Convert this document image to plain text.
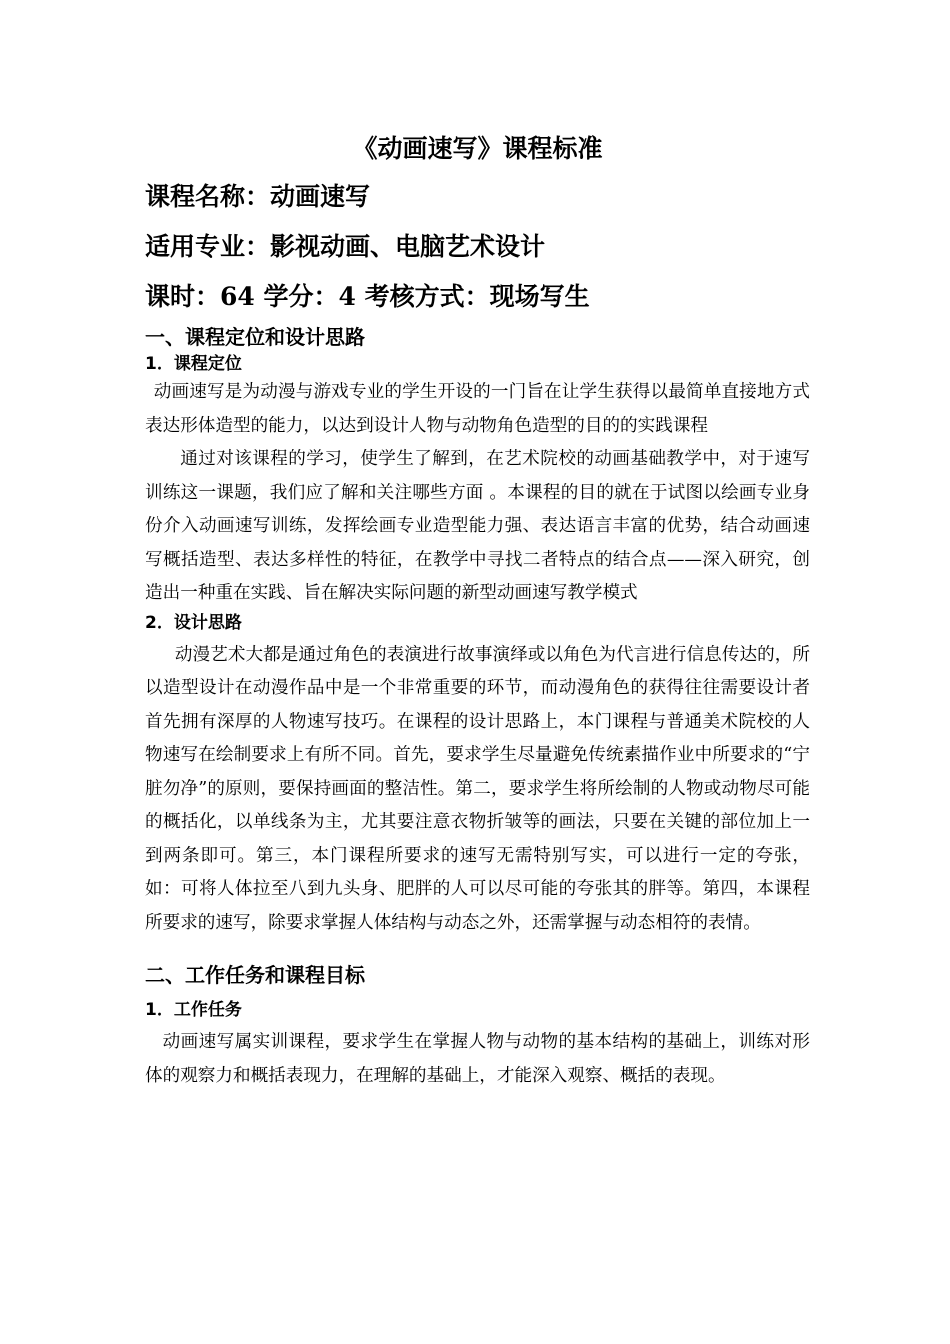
《动画速写》课程标准
课程名称：动画速写
适用专业：影视动画、电脑艺术设计
课时：64 学分：4 考核方式：现场写生
一、课程定位和设计思路
1．课程定位

动画速写是为动漫与游戏专业的学生开设的一门旨在让学生获得以最简单直接地方式表达形体造型的能力，以达到设计人物与动物角色造型的目的的实践课程

通过对该课程的学习，使学生了解到，在艺术院校的动画基础教学中，对于速写训练这一课题，我们应了解和关注哪些方面 。本课程的目的就在于试图以绘画专业身份介入动画速写训练，发挥绘画专业造型能力强、表达语言丰富的优势，结合动画速写概括造型、表达多样性的特征，在教学中寻找二者特点的结合点——深入研究，创造出一种重在实践、旨在解决实际问题的新型动画速写教学模式

2．设计思路

动漫艺术大都是通过角色的表演进行故事演绎或以角色为代言进行信息传达的，所以造型设计在动漫作品中是一个非常重要的环节，而动漫角色的获得往往需要设计者首先拥有深厚的人物速写技巧。在课程的设计思路上，本门课程与普通美术院校的人物速写在绘制要求上有所不同。首先，要求学生尽量避免传统素描作业中所要求的“宁脏勿净”的原则，要保持画面的整洁性。第二，要求学生将所绘制的人物或动物尽可能的概括化，以单线条为主，尤其要注意衣物折皱等的画法，只要在关键的部位加上一到两条即可。第三，本门课程所要求的速写无需特别写实，可以进行一定的夸张，如：可将人体拉至八到九头身、肥胖的人可以尽可能的夸张其的胖等。第四，本课程所要求的速写，除要求掌握人体结构与动态之外，还需掌握与动态相符的表情。

二、工作任务和课程目标
1．工作任务

动画速写属实训课程，要求学生在掌握人物与动物的基本结构的基础上，训练对形体的观察力和概括表现力，在理解的基础上，才能深入观察、概括的表现。
